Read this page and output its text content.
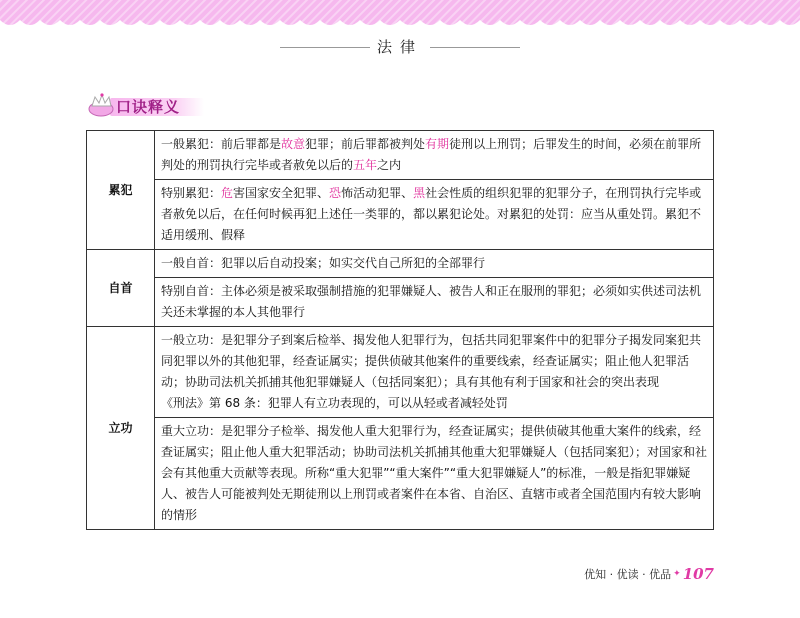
法律
口诀释义
累犯	一般累犯：前后罪都是故意犯罪；前后罪都被判处有期徒刑以上刑罚；后罪发生的时间，必须在前罪所判处的刑罚执行完毕或者赦免以后的五年之内
	特别累犯：危害国家安全犯罪、恐怖活动犯罪、黑社会性质的组织犯罪的犯罪分子，在刑罚执行完毕或者赦免以后，在任何时候再犯上述任一类罪的，都以累犯论处。对累犯的处罚：应当从重处罚。累犯不适用缓刑、假释
自首	一般自首：犯罪以后自动投案；如实交代自己所犯的全部罪行
	特别自首：主体必须是被采取强制措施的犯罪嫌疑人、被告人和正在服刑的罪犯；必须如实供述司法机关还未掌握的本人其他罪行
立功	一般立功：是犯罪分子到案后检举、揭发他人犯罪行为，包括共同犯罪案件中的犯罪分子揭发同案犯共同犯罪以外的其他犯罪，经查证属实；提供侦破其他案件的重要线索，经查证属实；阻止他人犯罪活动；协助司法机关抓捕其他犯罪嫌疑人（包括同案犯）；具有其他有利于国家和社会的突出表现
《刑法》第 68 条：犯罪人有立功表现的，可以从轻或者减轻处罚

	重大立功：是犯罪分子检举、揭发他人重大犯罪行为，经查证属实；提供侦破其他重大案件的线索，经查证属实；阻止他人重大犯罪活动；协助司法机关抓捕其他重大犯罪嫌疑人（包括同案犯）；对国家和社会有其他重大贡献等表现。所称“重大犯罪”“重大案件”“重大犯罪嫌疑人”的标准，一般是指犯罪嫌疑人、被告人可能被判处无期徒刑以上刑罚或者案件在本省、自治区、直辖市或者全国范围内有较大影响的情形
优知 · 优读 · 优品 ✦ 107
